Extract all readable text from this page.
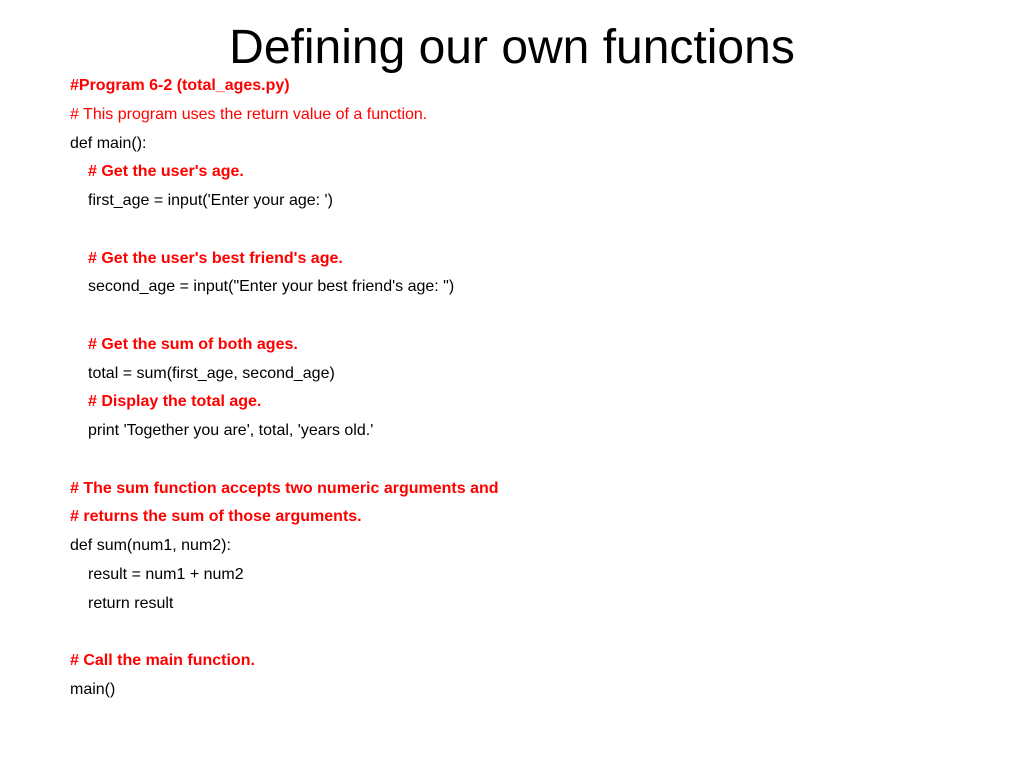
Defining our own functions
#Program 6-2 (total_ages.py)
# This program uses the return value of a function.
def main():
# Get the user's age.
first_age = input('Enter your age: ')
# Get the user's best friend's age.
second_age = input("Enter your best friend's age: ")
# Get the sum of both ages.
total = sum(first_age, second_age)
# Display the total age.
print 'Together you are', total, 'years old.'
# The sum function accepts two numeric arguments and
# returns the sum of those arguments.
def sum(num1, num2):
result = num1 + num2
return result
# Call the main function.
main()
